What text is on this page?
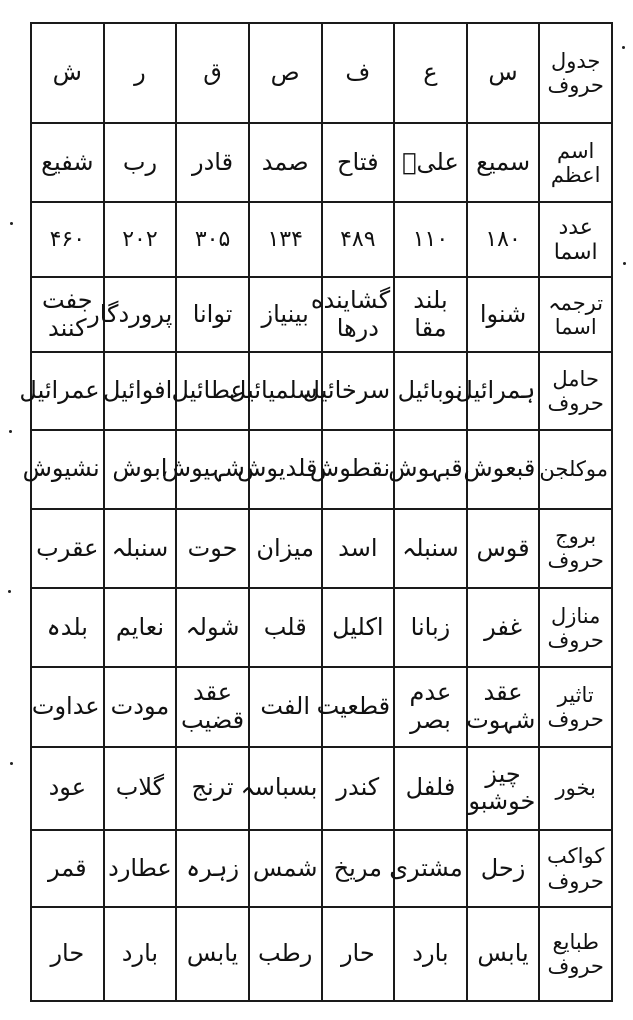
جدول حروف	س	ع	ف	ص	ق	ر	ش
اسم اعظم	سمیع	علیؔ	فتاح	صمد	قادر	رب	شفیع
عدد اسما	۱۸۰	۱۱۰	۴۸۹	۱۳۴	۳۰۵	۲۰۲	۴۶۰
ترجمہ اسما	شنوا	بلند مقا	گشاینده درها	بینیاز	توانا	پروردگار	جفت کنند
حامل حروف	ہمرائیل	نوبائیل	سرخائیل	سلمیائیل	عطائیل	افوائیل	عمرائیل
موکلجن	قبعوش	قبہوش	نقطوش	قلدیوش	شہیوش	ابوش	نشیوش
بروج حروف	قوس	سنبلہ	اسد	میزان	حوت	سنبلہ	عقرب
منازل حروف	غفر	زبانا	اکلیل	قلب	شولہ	نعایم	بلدہ
تاثیر حروف	عقد شہوت	عدم بصر	قطعیت	الفت	عقد قضیب	مودت	عداوت
بخور	چیز خوشبو	فلفل	کندر	بسباسہ	ترنج	گلاب	عود
کواکب حروف	زحل	مشتری	مریخ	شمس	زہرہ	عطارد	قمر
طبایع حروف	یابس	بارد	حار	رطب	یابس	بارد	حار
